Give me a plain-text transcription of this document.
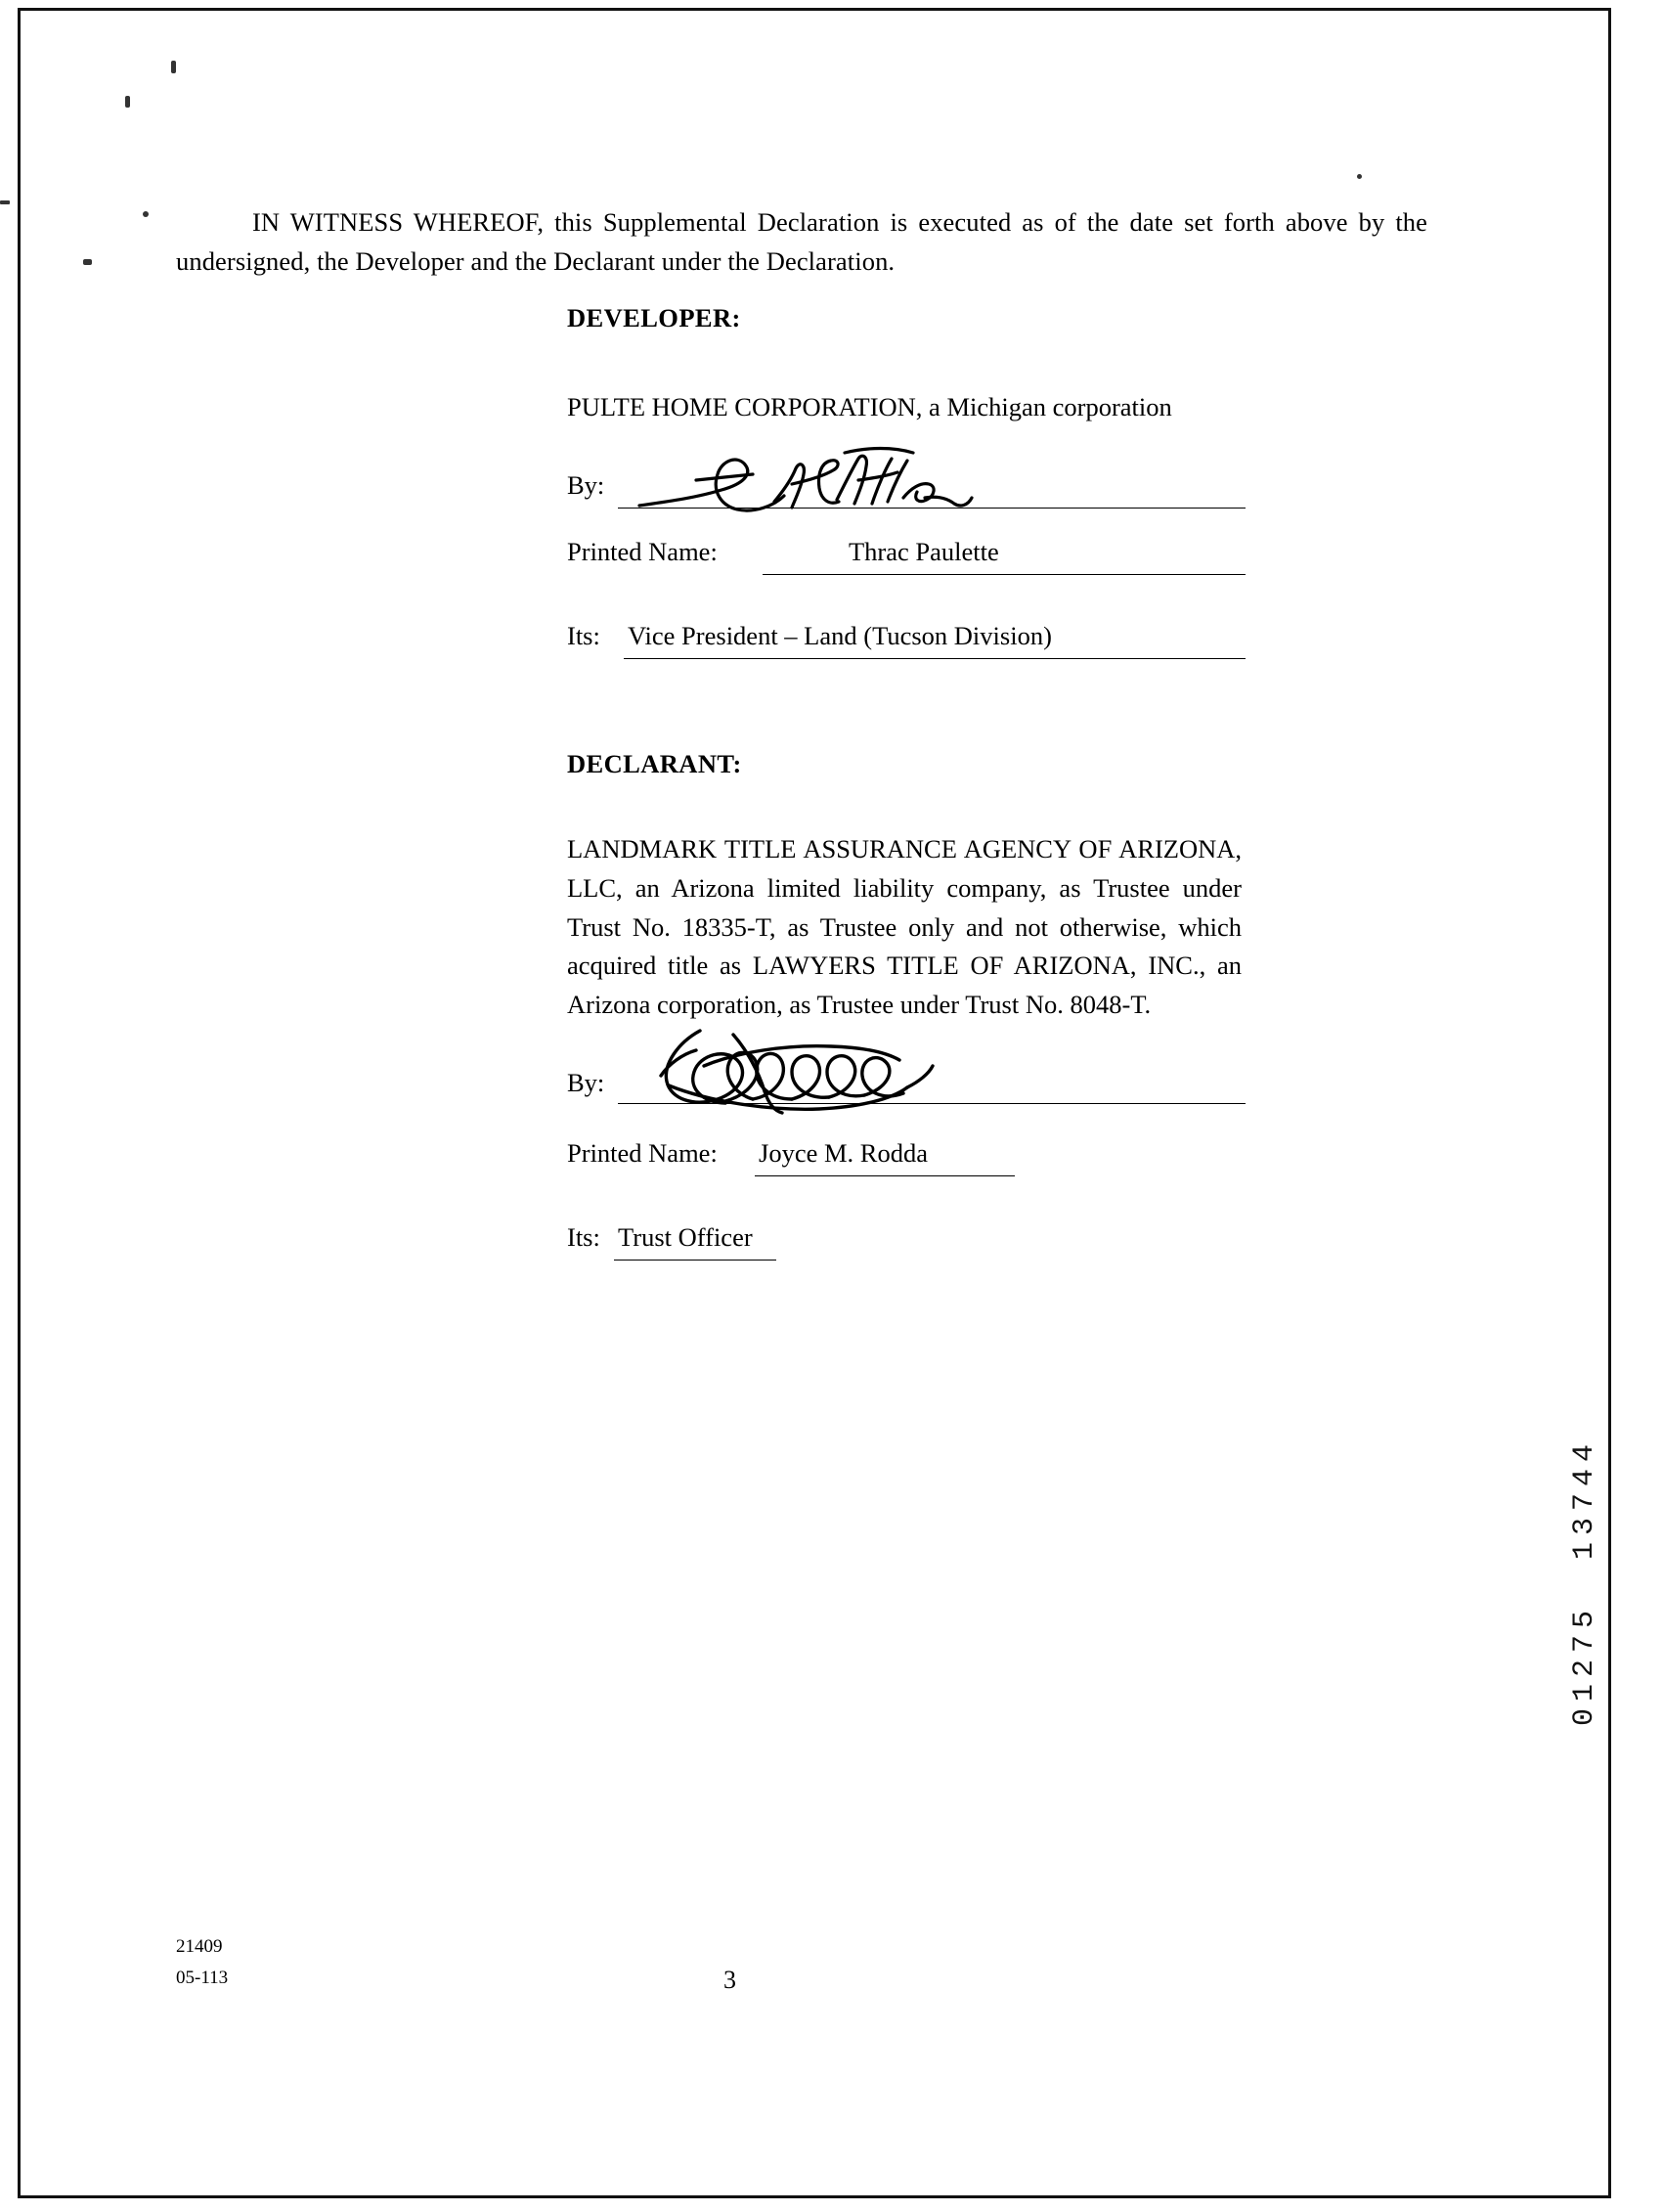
IN WITNESS WHEREOF, this Supplemental Declaration is executed as of the date set forth above by the undersigned, the Developer and the Declarant under the Declaration.

DEVELOPER:
PULTE HOME CORPORATION, a Michigan corporation
By:
Printed Name:	Thrac Paulette
Its: Vice President – Land (Tucson Division)
DECLARANT:
LANDMARK TITLE ASSURANCE AGENCY OF ARIZONA, LLC, an Arizona limited liability company, as Trustee under Trust No. 18335-T, as Trustee only and not otherwise, which acquired title as LAWYERS TITLE OF ARIZONA, INC., an Arizona corporation, as Trustee under Trust No. 8048-T.
By:
Printed Name: Joyce M. Rodda
Its: Trust Officer
13744
01275
21409
05-113	3
